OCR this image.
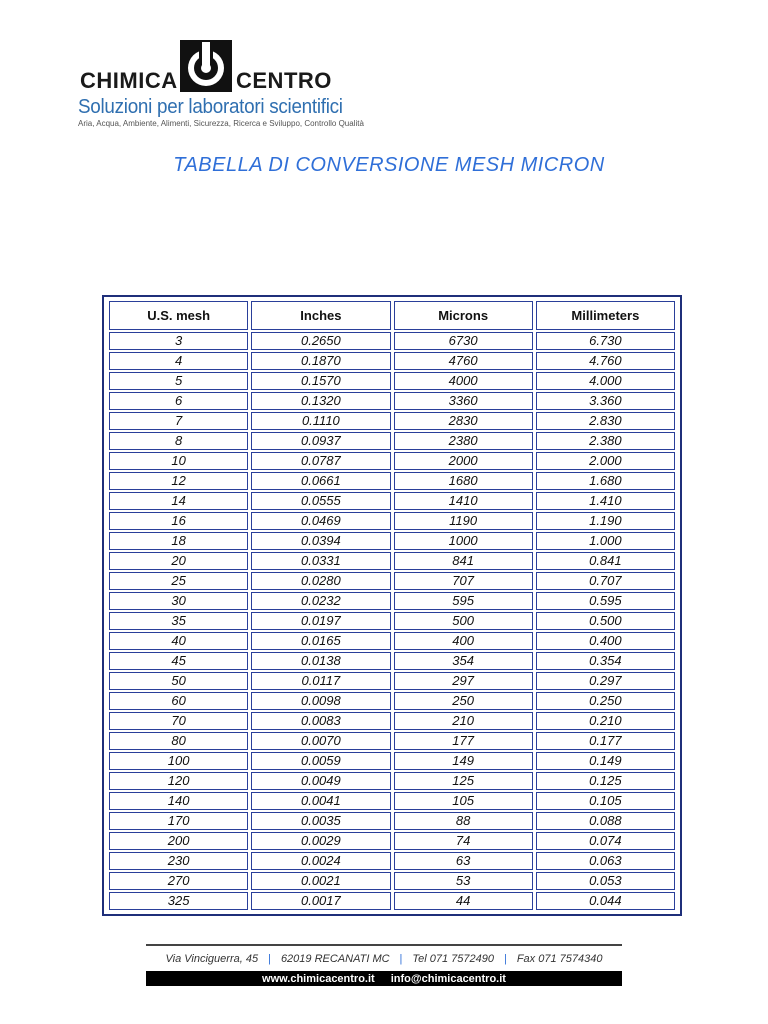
CHIMICA	CENTRO
Soluzioni per laboratori scientifici
Aria, Acqua, Ambiente, Alimenti, Sicurezza, Ricerca e Sviluppo, Controllo Qualità
TABELLA DI CONVERSIONE MESH MICRON
U.S. mesh	Inches	Microns	Millimeters
3	0.2650	6730	6.730
4	0.1870	4760	4.760
5	0.1570	4000	4.000
6	0.1320	3360	3.360
7	0.1110	2830	2.830
8	0.0937	2380	2.380
10	0.0787	2000	2.000
12	0.0661	1680	1.680
14	0.0555	1410	1.410
16	0.0469	1190	1.190
18	0.0394	1000	1.000
20	0.0331	841	0.841
25	0.0280	707	0.707
30	0.0232	595	0.595
35	0.0197	500	0.500
40	0.0165	400	0.400
45	0.0138	354	0.354
50	0.0117	297	0.297
60	0.0098	250	0.250
70	0.0083	210	0.210
80	0.0070	177	0.177
100	0.0059	149	0.149
120	0.0049	125	0.125
140	0.0041	105	0.105
170	0.0035	88	0.088
200	0.0029	74	0.074
230	0.0024	63	0.063
270	0.0021	53	0.053
325	0.0017	44	0.044
Via Vinciguerra, 45 | 62019 RECANATI MC | Tel 071 7572490 | Fax 071 7574340
www.chimicacentro.it info@chimicacentro.it
